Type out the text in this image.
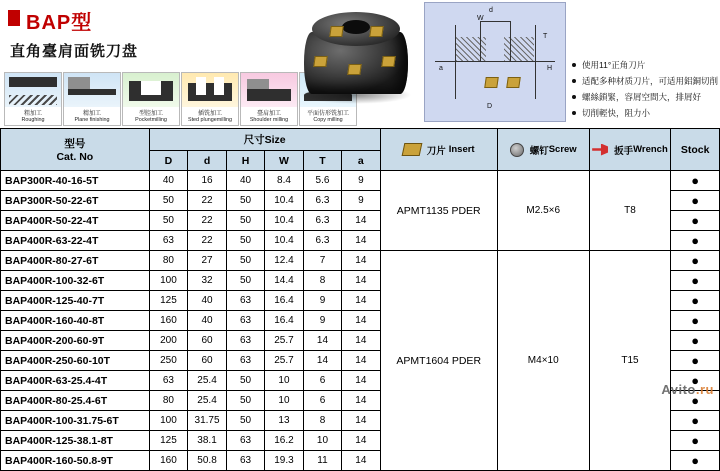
BAP型
直角臺肩面铣刀盘
粗加工
Roughing
精加工
Plane finishing
型腔加工
Pocketmilling
插铣加工
Sted plungemilling
臺肩加工
Shoulder milling
平面仿形铣加工
Copy milling
d
W
T
H
D
a	使用11°正角刀片
适配多种材质刀片，可适用鋁銅切削
螺絲鎖緊，容屑空間大，排屑好
切削輕快，阻力小
型号
Cat. No	尺寸Size						刀片 Insert	螺钉Screw	扳手Wrench	Stock
	D	d	H	W	T	a				
BAP300R-40-16-5T	40	16	40	8.4	5.6	9	APMT1135 PDER	M2.5×6	T8	●
BAP300R-50-22-6T	50	22	50	10.4	6.3	9				●
BAP400R-50-22-4T	50	22	50	10.4	6.3	14				●
BAP400R-63-22-4T	63	22	50	10.4	6.3	14				●
BAP400R-80-27-6T	80	27	50	12.4	7	14	APMT1604 PDER	M4×10	T15	●
BAP400R-100-32-6T	100	32	50	14.4	8	14				●
BAP400R-125-40-7T	125	40	63	16.4	9	14				●
BAP400R-160-40-8T	160	40	63	16.4	9	14				●
BAP400R-200-60-9T	200	60	63	25.7	14	14				●
BAP400R-250-60-10T	250	60	63	25.7	14	14				●
BAP400R-63-25.4-4T	63	25.4	50	10	6	14				●
BAP400R-80-25.4-6T	80	25.4	50	10	6	14				●
BAP400R-100-31.75-6T	100	31.75	50	13	8	14				●
BAP400R-125-38.1-8T	125	38.1	63	16.2	10	14				●
BAP400R-160-50.8-9T	160	50.8	63	19.3	11	14				●
Avito.ru
